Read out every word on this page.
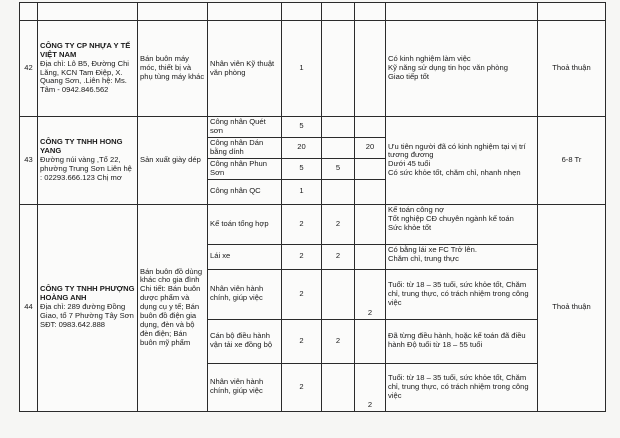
42	CÔNG TY CP NHỰA Y TẾ VIỆT NAM
Địa chỉ: Lô B5, Đường Chi Lăng, KCN Tam Điệp, X. Quang Sơn, .Liên hệ: Ms. Tâm - 0942.846.562	Bán buôn máy móc, thiết bị và phụ tùng máy khác	Nhân viên Kỹ thuật văn phòng	1			Có kinh nghiệm làm việc
Kỹ năng sử dụng tin học văn phòng
Giao tiếp tốt	Thoả thuận
43	CÔNG TY TNHH HONG YANG
Đường núi vàng ,Tổ 22, phường Trung Sơn Liên hệ : 02293.666.123 Chị mơ	Sản xuất giày dép	Công nhân Quét sơn	5			Ưu tiên người đã có kinh nghiệm tại vị trí tương đương
Dưới 45 tuổi
Có sức khỏe tốt, chăm chỉ, nhanh nhẹn	6-8 Tr
			Công nhân Dán bằng dính	20		20		
			Công nhân Phun Sơn	5	5			
			Công nhân QC	1				
44	CÔNG TY TNHH PHƯỢNG HOÀNG ANH
Địa chỉ: 289 đường Đồng Giao, tổ 7 Phường Tây Sơn
SĐT: 0983.642.888	Bán buôn đồ dùng khác cho gia đình Chi tiết: Bán buôn dược phẩm và dụng cụ y tế; Bán buôn đồ điện gia dụng, đèn và bộ đèn điện; Bán buôn mỹ phẩm	Kế toán tổng hợp	2	2		Kế toán công nợ
Tốt nghiệp CĐ chuyên ngành kế toán
Sức khỏe tốt	Thoả thuận
			Lái xe	2	2		Có bằng lái xe FC Trở lên.
Chăm chỉ, trung thực	

			Nhân viên hành chính, giúp việc	2		2	Tuổi: từ 18 – 35 tuổi, sức khỏe tốt, Chăm chỉ, trung thực, có trách nhiệm trong công việc	

			Cán bộ điều hành vận tải xe đồng bộ	2	2		Đã từng điều hành, hoặc kế toán đã điều hành Độ tuổi từ 18 – 55 tuổi	

			Nhân viên hành chính, giúp việc	2		2	Tuổi: từ 18 – 35 tuổi, sức khỏe tốt, Chăm chỉ, trung thực, có trách nhiệm trong công việc	
